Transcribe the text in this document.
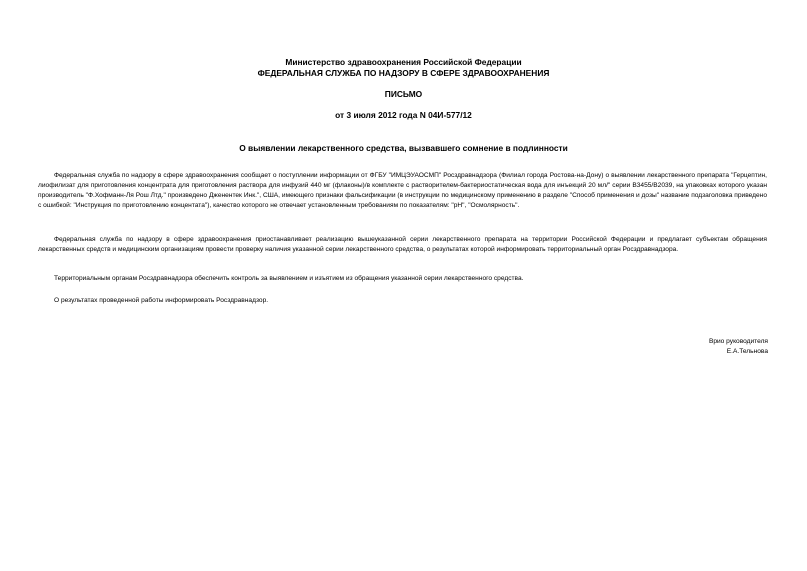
Министерство здравоохранения Российской Федерации
ФЕДЕРАЛЬНАЯ СЛУЖБА ПО НАДЗОРУ В СФЕРЕ ЗДРАВООХРАНЕНИЯ
ПИСЬМО
от 3 июля 2012 года N 04И-577/12
О выявлении лекарственного средства, вызвавшего сомнение в подлинности

Федеральная служба по надзору в сфере здравоохранения сообщает о поступлении информации от ФГБУ "ИМЦЭУАОСМП" Росздравнадзора (Филиал города Ростова-на-Дону) о выявлении лекарственного препарата "Герцептин, лиофилизат для приготовления концентрата для приготовления раствора для инфузий 440 мг (флаконы)/в комплекте с растворителем-бактериостатическая вода для инъекций 20 мл/" серии В3455/В2039, на упаковках которого указан производитель "Ф.Хофманн-Ля Рош Лтд." произведено Дженентек Инк.", США, имеющего признаки фальсификации (в инструкции по медицинскому применению в разделе "Способ применения и дозы" название подзаголовка приведено с ошибкой: "Инструкция по приготовлению концентата"), качество которого не отвечает установленным требованиям по показателям: "рН", "Осмолярность".

Федеральная служба по надзору в сфере здравоохранения приостанавливает реализацию вышеуказанной серии лекарственного препарата на территории Российской Федерации и предлагает субъектам обращения лекарственных средств и медицинским организациям провести проверку наличия указанной серии лекарственного средства, о результатах которой информировать территориальный орган Росздравнадзора.

Территориальным органам Росздравнадзора обеспечить контроль за выявлением и изъятием из обращения указанной серии лекарственного средства.

О результатах проведенной работы информировать Росздравнадзор.

Врио руководителя
Е.А.Тельнова
